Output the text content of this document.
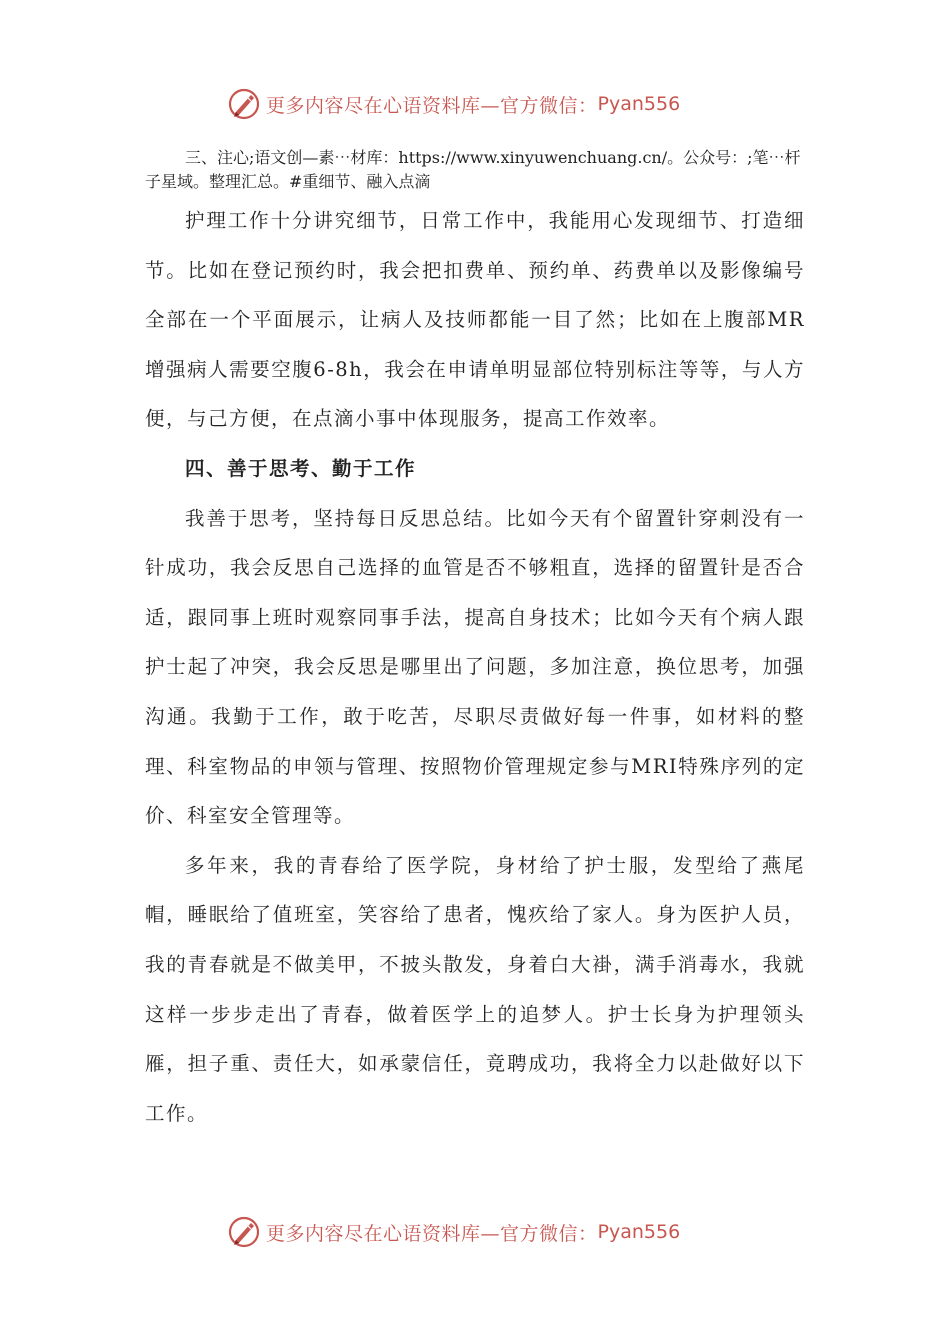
更多内容尽在心语资料库—官方微信： Pyan556

三、注心;语文创—素⋯材库：https://www.xinyuwenchuang.cn/。公众号：;笔⋯杆子星域。整理汇总。#重细节、融入点滴

护理工作十分讲究细节，日常工作中，我能用心发现细节、打造细节。比如在登记预约时，我会把扣费单、预约单、药费单以及影像编号全部在一个平面展示，让病人及技师都能一目了然；比如在上腹部MR增强病人需要空腹6-8h，我会在申请单明显部位特别标注等等，与人方便，与己方便，在点滴小事中体现服务，提高工作效率。

四、善于思考、勤于工作

我善于思考，坚持每日反思总结。比如今天有个留置针穿刺没有一针成功，我会反思自己选择的血管是否不够粗直，选择的留置针是否合适，跟同事上班时观察同事手法，提高自身技术；比如今天有个病人跟护士起了冲突，我会反思是哪里出了问题，多加注意，换位思考，加强沟通。我勤于工作，敢于吃苦，尽职尽责做好每一件事，如材料的整理、科室物品的申领与管理、按照物价管理规定参与MRI特殊序列的定价、科室安全管理等。

多年来，我的青春给了医学院，身材给了护士服，发型给了燕尾帽，睡眠给了值班室，笑容给了患者，愧疚给了家人。身为医护人员，我的青春就是不做美甲，不披头散发，身着白大褂，满手消毒水，我就这样一步步走出了青春，做着医学上的追梦人。护士长身为护理领头雁，担子重、责任大，如承蒙信任，竟聘成功，我将全力以赴做好以下工作。

更多内容尽在心语资料库—官方微信： Pyan556
